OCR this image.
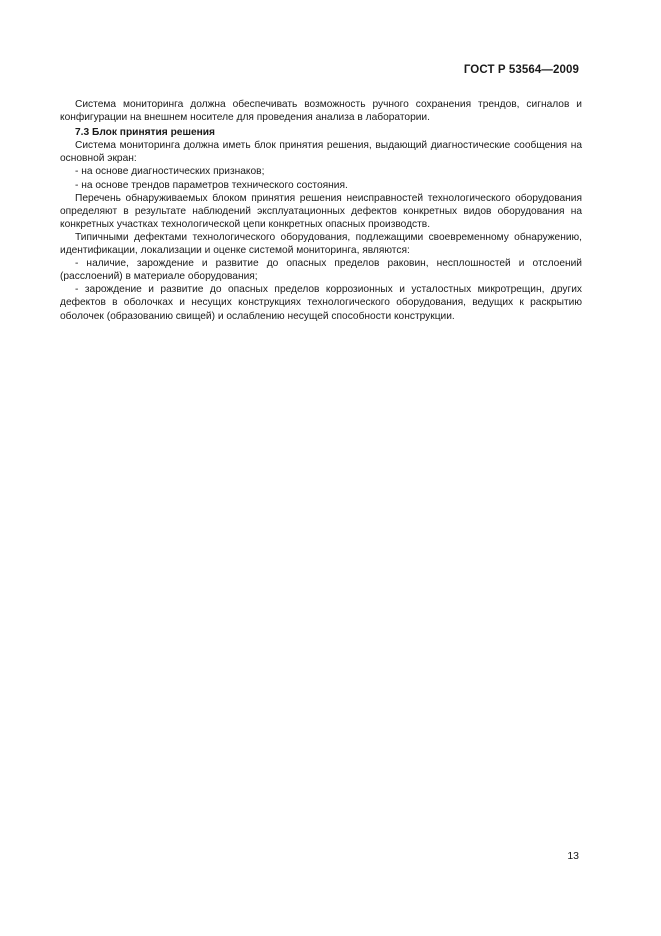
ГОСТ Р 53564—2009

Система мониторинга должна обеспечивать возможность ручного сохранения трендов, сигналов и конфигурации на внешнем носителе для проведения анализа в лаборатории.

7.3 Блок принятия решения

Система мониторинга должна иметь блок принятия решения, выдающий диагностические сообщения на основной экран:

- на основе диагностических признаков;

- на основе трендов параметров технического состояния.

Перечень обнаруживаемых блоком принятия решения неисправностей технологического оборудования определяют в результате наблюдений эксплуатационных дефектов конкретных видов оборудования на конкретных участках технологической цепи конкретных опасных производств.

Типичными дефектами технологического оборудования, подлежащими своевременному обнаружению, идентификации, локализации и оценке системой мониторинга, являются:

- наличие, зарождение и развитие до опасных пределов раковин, несплошностей и отслоений (расслоений) в материале оборудования;

- зарождение и развитие до опасных пределов коррозионных и усталостных микротрещин, других дефектов в оболочках и несущих конструкциях технологического оборудования, ведущих к раскрытию оболочек (образованию свищей) и ослаблению несущей способности конструкции.

13
